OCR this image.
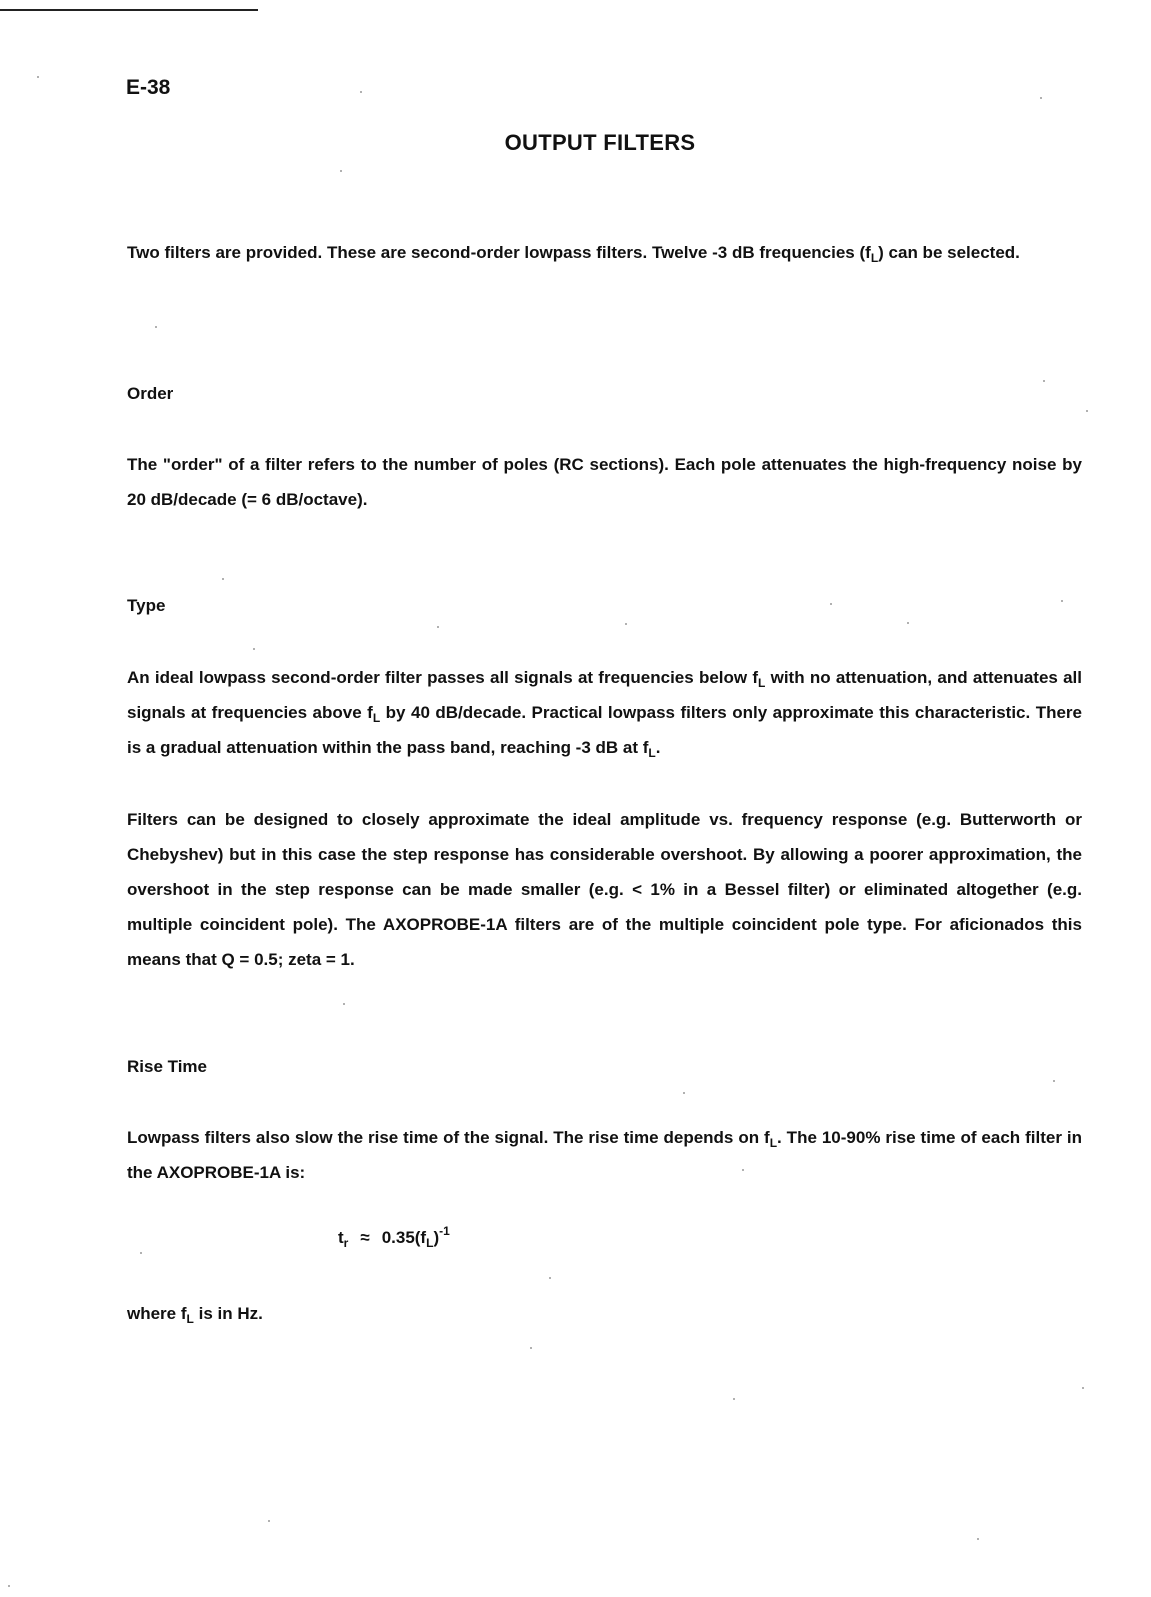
E-38
OUTPUT FILTERS
Two filters are provided. These are second-order lowpass filters. Twelve -3 dB frequencies $(f_L)$ can be selected.
Order
The "order" of a filter refers to the number of poles (RC sections). Each pole attenuates the high-frequency noise by 20 dB/decade (= 6 dB/octave).
Type
An ideal lowpass second-order filter passes all signals at frequencies below $f_L$ with no attenuation, and attenuates all signals at frequencies above $f_L$ by 40 dB/decade. Practical lowpass filters only approximate this characteristic. There is a gradual attenuation within the pass band, reaching -3 dB at $f_L$.
Filters can be designed to closely approximate the ideal amplitude vs. frequency response (e.g. Butterworth or Chebyshev) but in this case the step response has considerable overshoot. By allowing a poorer approximation, the overshoot in the step response can be made smaller (e.g. < 1% in a Bessel filter) or eliminated altogether (e.g. multiple coincident pole). The AXOPROBE-1A filters are of the multiple coincident pole type. For aficionados this means that Q = 0.5; zeta = 1.
Rise Time
Lowpass filters also slow the rise time of the signal. The rise time depends on $f_L$. The 10-90% rise time of each filter in the AXOPROBE-1A is:
$t_r \approx 0.35(f_L)^{-1}$
where $f_L$ is in Hz.
